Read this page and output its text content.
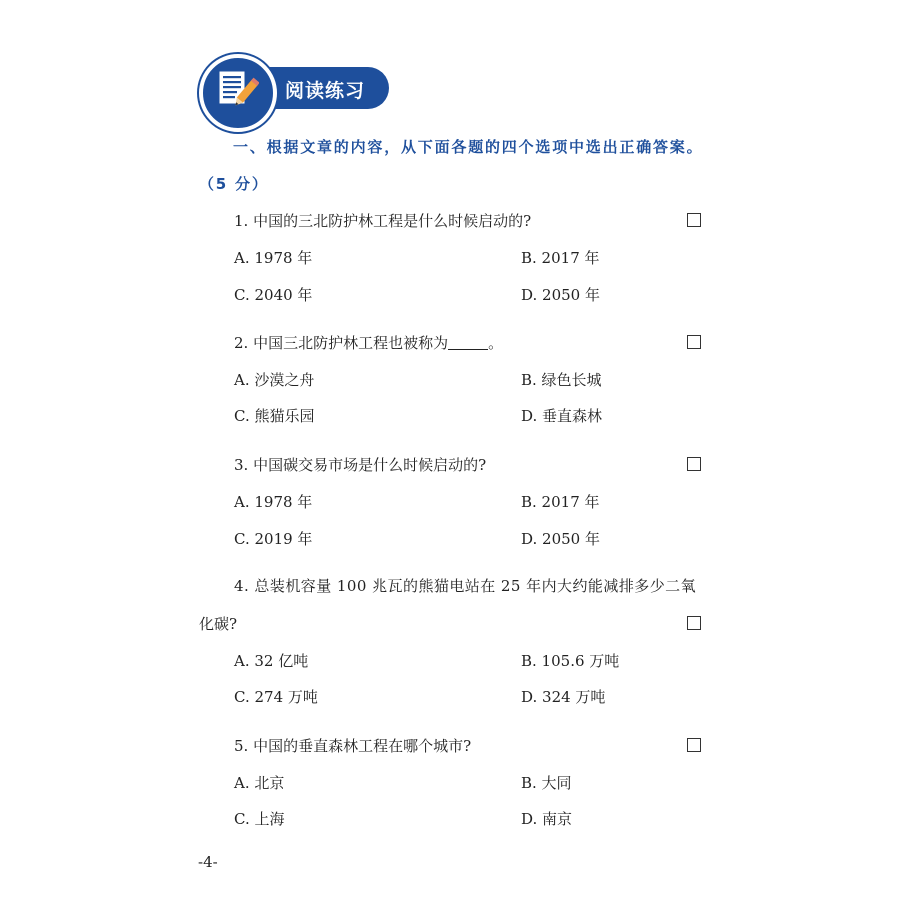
阅读练习
一、根据文章的内容，从下面各题的四个选项中选出正确答案。
（5 分）
1. 中国的三北防护林工程是什么时候启动的?
A. 1978 年	B. 2017 年
C. 2040 年	D. 2050 年
2. 中国三北防护林工程也被称为	。
A. 沙漠之舟	B. 绿色长城
C. 熊猫乐园	D. 垂直森林
3. 中国碳交易市场是什么时候启动的?
A. 1978 年	B. 2017 年
C. 2019 年	D. 2050 年
4. 总装机容量 100 兆瓦的熊猫电站在 25 年内大约能减排多少二氧
化碳?
A. 32 亿吨	B. 105.6 万吨
C. 274 万吨	D. 324 万吨
5. 中国的垂直森林工程在哪个城市?
A. 北京	B. 大同
C. 上海	D. 南京
-4-
